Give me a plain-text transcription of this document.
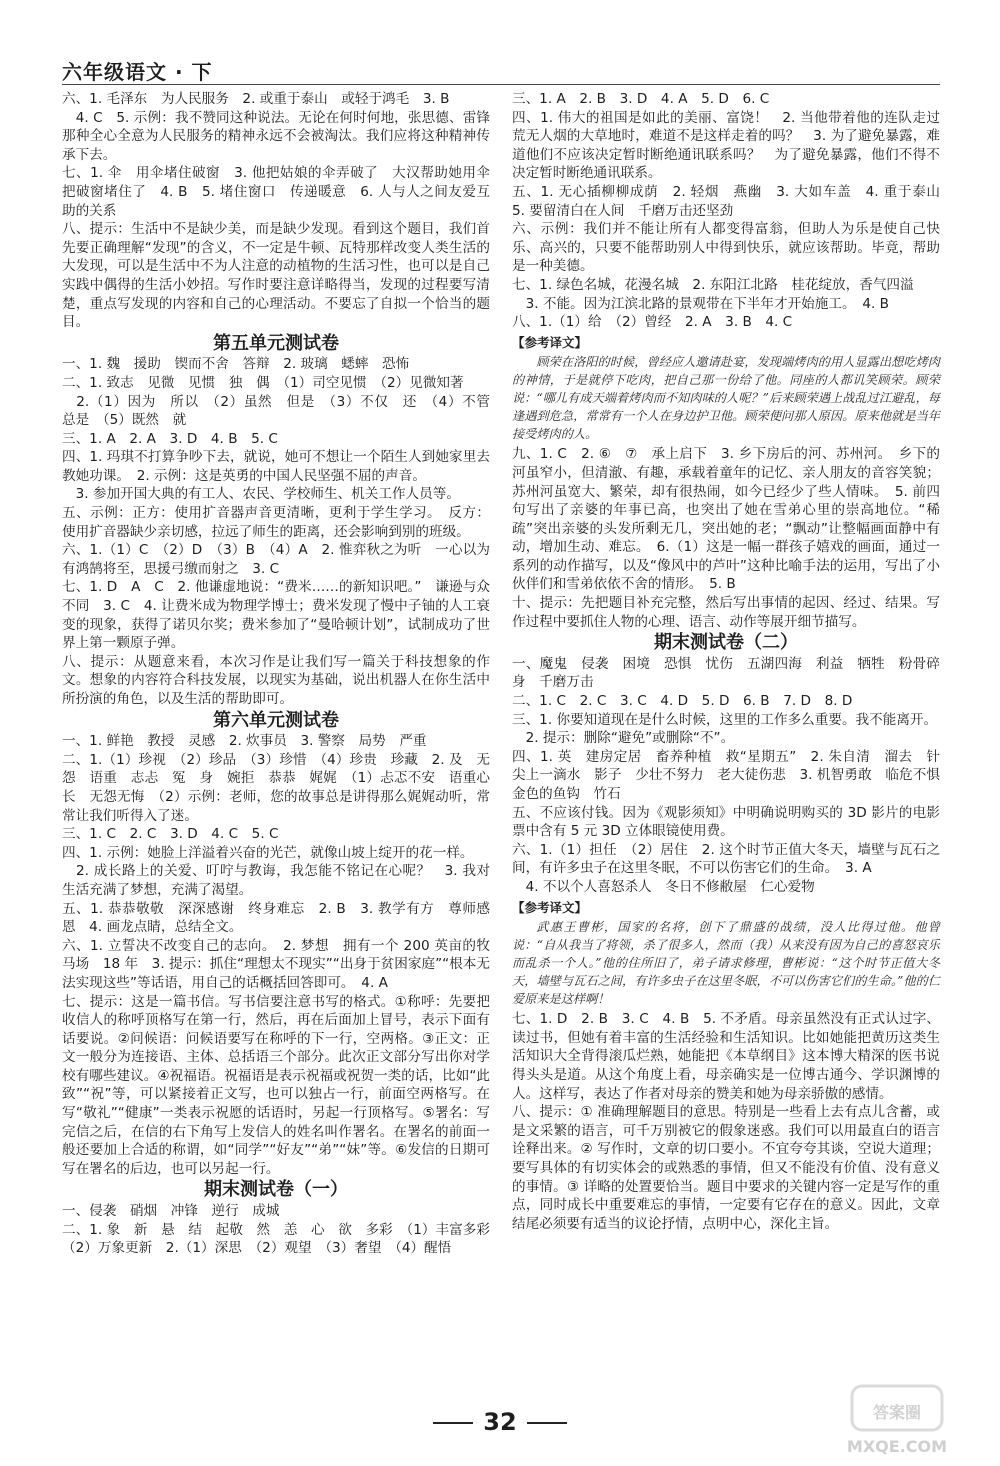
六年级语文 · 下

六、1. 毛泽东　为人民服务　2. 或重于泰山　或轻于鸿毛　3. B

　4. C　5. 示例：我不赞同这种说法。无论在何时何地，张思德、雷锋那种全心全意为人民服务的精神永远不会被淘汰。我们应将这种精神传承下去。

七、1. 伞　用伞堵住破窗　3. 他把姑娘的伞弄破了　大汉帮助她用伞把破窗堵住了　4. B　5. 堵住窗口　传递暖意　6. 人与人之间友爱互助的关系

八、提示：生活中不是缺少美，而是缺少发现。看到这个题目，我们首先要正确理解“发现”的含义，不一定是牛顿、瓦特那样改变人类生活的大发现，可以是生活中不为人注意的动植物的生活习性，也可以是自己实践中偶得的生活小妙招。写作时要注意详略得当，发现的过程要写清楚，重点写发现的内容和自己的心理活动。不要忘了自拟一个恰当的题目。

第五单元测试卷

一、1. 魏　援助　锲而不舍　答辩　2. 玻璃　蟋蟀　恐怖

二、1. 致志　见微　见惯　独　偶　（1）司空见惯　（2）见微知著

　2.（1）因为　所以　（2）虽然　但是　（3）不仅　还　（4）不管　总是　（5）既然　就

三、1. A　2. A　3. D　4. B　5. C

四、1. 玛琪不打算争吵下去，就说，她可不想让一个陌生人到她家里去教她功课。　2. 示例：这是英勇的中国人民坚强不屈的声音。

　3. 参加开国大典的有工人、农民、学校师生、机关工作人员等。

五、示例：正方：使用扩音器声音更清晰，更利于学生学习。　反方：使用扩音器缺少亲切感，拉远了师生的距离，还会影响到别的班级。

六、1.（1）C　（2）D　（3）B　（4）A　2. 惟弈秋之为听　一心以为有鸿鹄将至，思援弓缴而射之　3. C

七、1. D　A　C　2. 他谦虚地说：“费米……的新知识吧。”　谦逊与众不同　3. C　4. 让费米成为物理学博士；费米发现了慢中子铀的人工衰变的现象，获得了诺贝尔奖；费米参加了“曼哈顿计划”，试制成功了世界上第一颗原子弹。

八、提示：从题意来看，本次习作是让我们写一篇关于科技想象的作文。想象的内容符合科技发展，以现实为基础，说出机器人在你生活中所扮演的角色，以及生活的帮助即可。

第六单元测试卷

一、1. 鲜艳　教授　灵感　2. 炊事员　3. 警察　局势　严重

二、1.（1）珍视　（2）珍品　（3）珍惜　（4）珍贵　珍藏　2. 及　无怨　语重　志忐　冤　身　婉拒　恭恭　娓娓　（1）忐忑不安　语重心长　无怨无悔　（2）示例：老师，您的故事总是讲得那么娓娓动听，常常让我们听得入了迷。

三、1. C　2. C　3. D　4. C　5. C

四、1. 示例：她脸上洋溢着兴奋的光芒，就像山坡上绽开的花一样。

　2. 成长路上的关爱、叮咛与教诲，我怎能不铭记在心呢？　3. 我对生活充满了梦想，充满了渴望。

五、1. 恭恭敬敬　深深感谢　终身难忘　2. B　3. 教学有方　尊师感恩　4. 画龙点睛，总结全文。

六、1. 立誓决不改变自己的志向。　2. 梦想　拥有一个 200 英亩的牧马场　18 年　3. 提示：抓住“理想太不现实”“出身于贫困家庭”“根本无法实现这些”等话语，用自己的话概括回答即可。　4. A

七、提示：这是一篇书信。写书信要注意书写的格式。①称呼：先要把收信人的称呼顶格写在第一行，然后，再在后面加上冒号，表示下面有话要说。②问候语：问候语要写在称呼的下一行，空两格。③正文：正文一般分为连接语、主体、总括语三个部分。此次正文部分写出你对学校有哪些建议。④祝福语。祝福语是表示祝福或祝贺一类的话，比如“此致”“祝”等，可以紧接着正文写，也可以独占一行，前面空两格写。在写“敬礼”“健康”一类表示祝愿的话语时，另起一行顶格写。⑤署名：写完信之后，在信的右下角写上发信人的姓名叫作署名。在署名的前面一般还要加上合适的称谓，如“同学”“好友”“弟”“妹”等。⑥发信的日期可写在署名的后边，也可以另起一行。

期末测试卷（一）

一、侵袭　硝烟　冲锋　逆行　成城

二、1. 象　新　悬　结　起敬　然　恙　心　欲　多彩　（1）丰富多彩　（2）万象更新　2.（1）深思　（2）观望　（3）奢望　（4）醒悟

三、1. A　2. B　3. D　4. A　5. D　6. C

四、1. 伟大的祖国是如此的美丽、富饶！　2. 当他带着他的连队走过荒无人烟的大草地时，难道不是这样走着的吗？　3. 为了避免暴露，难道他们不应该决定暂时断绝通讯联系吗？　为了避免暴露，他们不得不决定暂时断绝通讯联系。

五、1. 无心插柳柳成荫　2. 轻烟　燕幽　3. 大如车盖　4. 重于泰山　5. 要留清白在人间　千磨万击还坚劲

六、示例：我们并不能让所有人都变得富翁，但助人为乐是使自己快乐、高兴的，只要不能帮助别人中得到快乐，就应该帮助。毕竟，帮助是一种美德。

七、1. 绿色名城，花漫名城　2. 东阳江北路　桂花绽放，香气四溢

　3. 不能。因为江滨北路的景观带在下半年才开始施工。　4. B

八、1.（1）给　（2）曾经　2. A　3. B　4. C

【参考译文】

顾荣在洛阳的时候，曾经应人邀请赴宴，发现端烤肉的用人显露出想吃烤肉的神情，于是就停下吃肉，把自己那一份给了他。同座的人都讥笑顾荣。顾荣说：“哪儿有成天端着烤肉而不知肉味的人呢？”后来顾荣遇上战乱过江避乱，每逢遇到危急，常常有一个人在身边护卫他。顾荣便问那人原因。原来他就是当年接受烤肉的人。

九、1. C　2. ⑥　⑦　承上启下　3. 乡下房后的河、苏州河。　乡下的河虽窄小，但清澈、有趣，承载着童年的记忆、亲人朋友的音容笑貌；苏州河虽宽大、繁荣，却有很热闹，如今已经少了些人情味。　5. 前四句写出了亲婆的年事已高，也突出了她在雪弟心里的崇高地位。“稀疏”突出亲婆的头发所剩无几，突出她的老；“飘动”让整幅画面静中有动，增加生动、难忘。　6.（1）这是一幅一群孩子嬉戏的画面，通过一系列的动作描写，以及“像风中的芦叶”这种比喻手法的运用，写出了小伙伴们和雪弟依依不舍的情形。　5. B

十、提示：先把题目补充完整，然后写出事情的起因、经过、结果。写作过程中要抓住人物的心理、语言、动作等展开细节描写。

期末测试卷（二）

一、魔鬼　侵袭　困境　恐惧　忧伤　五湖四海　利益　牺牲　粉骨碎身　千磨万击

二、1. C　2. C　3. C　4. D　5. D　6. B　7. D　8. D

三、1. 你要知道现在是什么时候，这里的工作多么重要。我不能离开。

　2. 提示：删除“避免”或删除“不”。

四、1. 英　建房定居　畜养种植　救“星期五”　2. 朱自清　溜去　针尖上一滴水　影子　少壮不努力　老大徒伤悲　3. 机智勇敢　临危不惧　金色的鱼钩　竹石

五、不应该付钱。因为《观影须知》中明确说明购买的 3D 影片的电影票中含有 5 元 3D 立体眼镜使用费。

六、1.（1）担任　（2）居住　2. 这个时节正值大冬天，墙壁与瓦石之间，有许多虫子在这里冬眠，不可以伤害它们的生命。　3. A

　4. 不以个人喜怒杀人　冬日不修敝屋　仁心爱物

【参考译文】

武惠王曹彬，国家的名将，创下了鼎盛的战绩，没人比得过他。他曾说：“自从我当了将领，杀了很多人，然而（我）从来没有因为自己的喜怒哀乐而乱杀一个人。”他的住所旧了，弟子请求修理，曹彬说：“这个时节正值大冬天，墙壁与瓦石之间，有许多虫子在这里冬眠，不可以伤害它们的生命。”他的仁爱原来是这样啊！

七、1. D　2. B　3. C　4. B　5. 不矛盾。母亲虽然没有正式认过字、读过书，但她有着丰富的生活经验和生活知识。比如她能把黄历这类生活知识大全背得滚瓜烂熟，她能把《本草纲目》这本博大精深的医书说得头头是道。从这个角度上看，母亲确实是一位博古通今、学识渊博的人。这样写，表达了作者对母亲的赞美和她为母亲骄傲的感情。

八、提示：① 准确理解题目的意思。特别是一些看上去有点儿含蓄，或是文采繁的语言，可千万别被它的假象迷惑。我们可以用最直白的语言诠释出来。② 写作时，文章的切口要小。不宜夸夸其谈，空说大道理；要写具体的有切实体会的或熟悉的事情，但又不能没有价值、没有意义的事情。③ 详略的处置要恰当。题目中要求的关键内容一定是写作的重点，同时成长中重要难忘的事情，一定要有它存在的意义。因此，文章结尾必须要有适当的议论抒情，点明中心，深化主旨。

32	答案圈
MXQE.COM
